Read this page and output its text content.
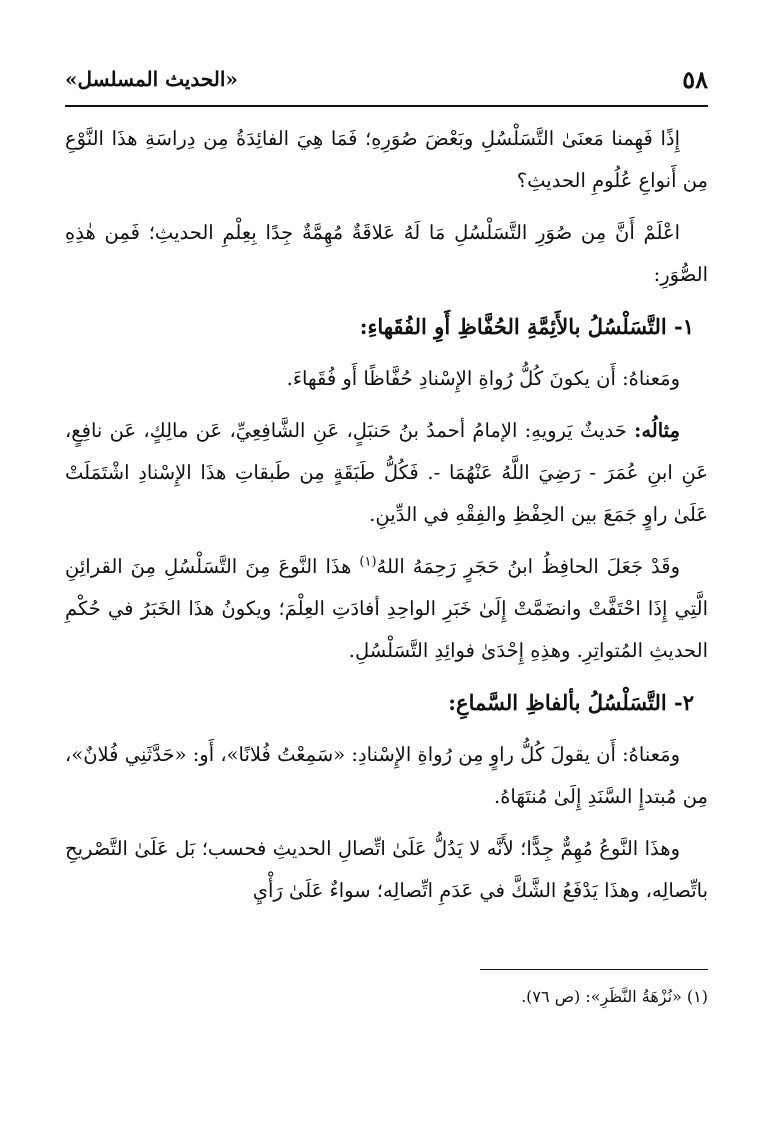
٥٨
«الحديث المسلسل»

إِذًا فَهِمنا مَعنَىٰ التَّسَلْسُلِ وبَعْضَ صُوَرِهِ؛ فَمَا هِيَ الفائِدَةُ مِن دِراسَةِ هذَا النَّوْعِ مِن أَنواعِ عُلُومِ الحديثِ؟

اعْلَمْ أَنَّ مِن صُوَرِ التَّسَلْسُلِ مَا لَهُ عَلاقَةٌ مُهِمَّةٌ جِدًا بِعِلْمِ الحديثِ؛ فَمِن هٰذِهِ الصُّوَرِ:

١- التَّسَلْسُلُ بالأَئِمَّةِ الحُفَّاظِ أَوِ الفُقَهاءِ:

ومَعناهُ: أَن يكونَ كُلُّ رُواةِ الإِسْنادِ حُفَّاظًا أَو فُقَهاءَ.

مِثالُه: حَديثٌ يَرويهِ: الإمامُ أحمدُ بنُ حَنبَلٍ، عَنِ الشَّافِعِيِّ، عَن مالِكٍ، عَن نافِعٍ، عَنِ ابنِ عُمَرَ - رَضِيَ اللَّهُ عَنْهُمَا -. فَكُلُّ طَبَقَةٍ مِن طَبقاتِ هذَا الإِسْنادِ اشْتَمَلَتْ عَلَىٰ راوٍ جَمَعَ بين الحِفْظِ والفِقْهِ في الدِّينِ.

وقَدْ جَعَلَ الحافِظُ ابنُ حَجَرٍ رَحِمَهُ اللهُ$^{(١)}$ هذَا النَّوعَ مِنَ التَّسَلْسُلِ مِنَ القرائِنِ الَّتِي إِذَا احْتَفَّتْ وانضَمَّتْ إِلَىٰ خَبَرِ الواحِدِ أفادَتِ العِلْمَ؛ ويكونُ هذَا الخَبَرُ في حُكْمِ الحديثِ المُتواتِرِ. وهذِهِ إِحْدَىٰ فوائِدِ التَّسَلْسُلِ.

٢- التَّسَلْسُلُ بألفاظِ السَّماعِ:

ومَعناهُ: أَن يقولَ كُلُّ راوٍ مِن رُواةِ الإِسْنادِ: «سَمِعْتُ فُلانًا»، أَو: «حَدَّثَنِي فُلانٌ»، مِن مُبتدإِ السَّنَدِ إِلَىٰ مُنتَهَاهُ.

وهذَا النَّوعُ مُهِمٌّ جِدًّا؛ لأَنَّه لا يَدُلُّ عَلَىٰ اتِّصالِ الحديثِ فحسب؛ بَل عَلَىٰ التَّصْريحِ باتِّصالِه، وهذَا يَدْفَعُ الشَّكَّ في عَدَمِ اتِّصالِه؛ سواءٌ عَلَىٰ رَأْيِ

(١) «نُزْهَةُ النَّظَرِ»: (ص ٧٦).
